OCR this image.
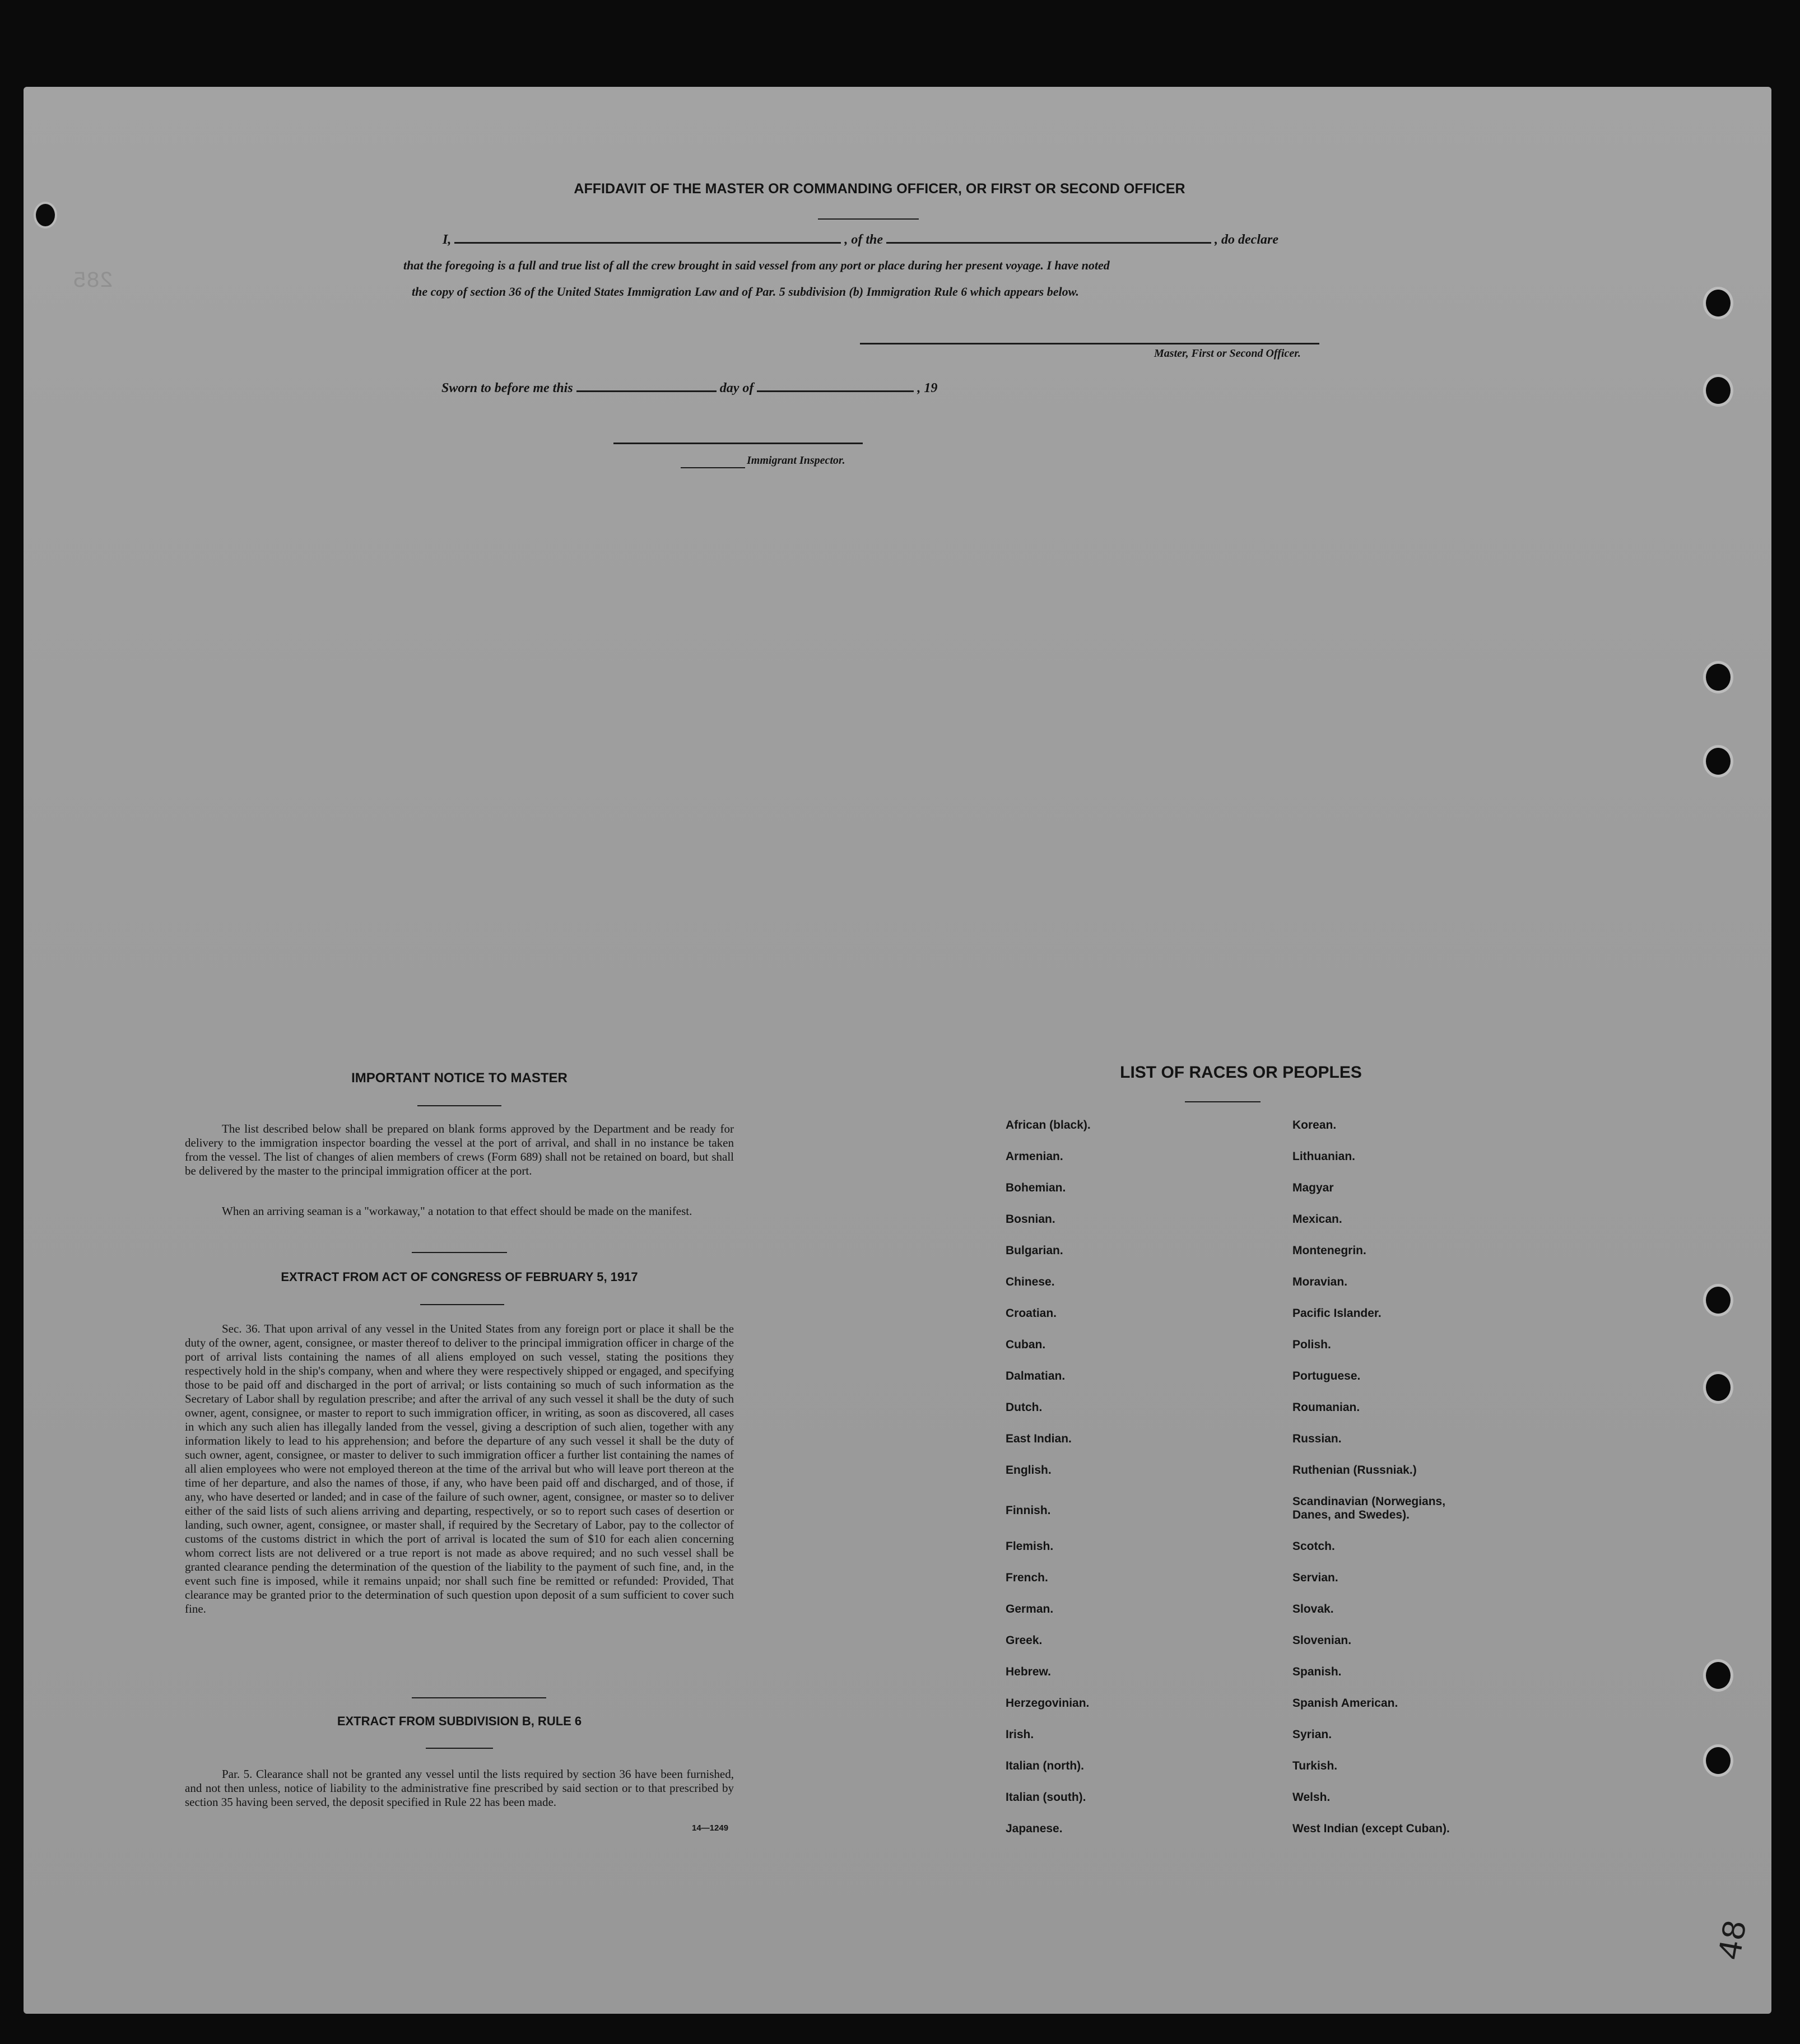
285
48
AFFIDAVIT OF THE MASTER OR COMMANDING OFFICER, OR FIRST OR SECOND OFFICER
I,	, of the	, do declare
that the foregoing is a full and true list of all the crew brought in said vessel from any port or place during her present voyage. I have noted
the copy of section 36 of the United States Immigration Law and of Par. 5 subdivision (b) Immigration Rule 6 which appears below.
Master, First or Second Officer.
Sworn to before me this	day of	, 19
Immigrant Inspector.
IMPORTANT NOTICE TO MASTER
The list described below shall be prepared on blank forms approved by the Department and be ready for delivery to the immigration inspector boarding the vessel at the port of arrival, and shall in no instance be taken from the vessel. The list of changes of alien members of crews (Form 689) shall not be retained on board, but shall be delivered by the master to the principal immigration officer at the port.
When an arriving seaman is a "workaway," a notation to that effect should be made on the manifest.
EXTRACT FROM ACT OF CONGRESS OF FEBRUARY 5, 1917
Sec. 36. That upon arrival of any vessel in the United States from any foreign port or place it shall be the duty of the owner, agent, consignee, or master thereof to deliver to the principal immigration officer in charge of the port of arrival lists containing the names of all aliens employed on such vessel, stating the positions they respectively hold in the ship's company, when and where they were respectively shipped or engaged, and specifying those to be paid off and discharged in the port of arrival; or lists containing so much of such information as the Secretary of Labor shall by regulation prescribe; and after the arrival of any such vessel it shall be the duty of such owner, agent, consignee, or master to report to such immigration officer, in writing, as soon as discovered, all cases in which any such alien has illegally landed from the vessel, giving a description of such alien, together with any information likely to lead to his apprehension; and before the departure of any such vessel it shall be the duty of such owner, agent, consignee, or master to deliver to such immigration officer a further list containing the names of all alien employees who were not employed thereon at the time of the arrival but who will leave port thereon at the time of her departure, and also the names of those, if any, who have been paid off and discharged, and of those, if any, who have deserted or landed; and in case of the failure of such owner, agent, consignee, or master so to deliver either of the said lists of such aliens arriving and departing, respectively, or so to report such cases of desertion or landing, such owner, agent, consignee, or master shall, if required by the Secretary of Labor, pay to the collector of customs of the customs district in which the port of arrival is located the sum of $10 for each alien concerning whom correct lists are not delivered or a true report is not made as above required; and no such vessel shall be granted clearance pending the determination of the question of the liability to the payment of such fine, and, in the event such fine is imposed, while it remains unpaid; nor shall such fine be remitted or refunded: Provided, That clearance may be granted prior to the determination of such question upon deposit of a sum sufficient to cover such fine.
EXTRACT FROM SUBDIVISION B, RULE 6
Par. 5. Clearance shall not be granted any vessel until the lists required by section 36 have been furnished, and not then unless, notice of liability to the administrative fine prescribed by said section or to that prescribed by section 35 having been served, the deposit specified in Rule 22 has been made.
14—1249
LIST OF RACES OR PEOPLES
African (black).
Armenian.
Bohemian.
Bosnian.
Bulgarian.
Chinese.
Croatian.
Cuban.
Dalmatian.
Dutch.
East Indian.
English.
Finnish.
Flemish.
French.
German.
Greek.
Hebrew.
Herzegovinian.
Irish.
Italian (north).
Italian (south).
Japanese.
Korean.
Lithuanian.
Magyar
Mexican.
Montenegrin.
Moravian.
Pacific Islander.
Polish.
Portuguese.
Roumanian.
Russian.
Ruthenian (Russniak.)
Scandinavian (Norwegians, Danes, and Swedes).
Scotch.
Servian.
Slovak.
Slovenian.
Spanish.
Spanish American.
Syrian.
Turkish.
Welsh.
West Indian (except Cuban).
